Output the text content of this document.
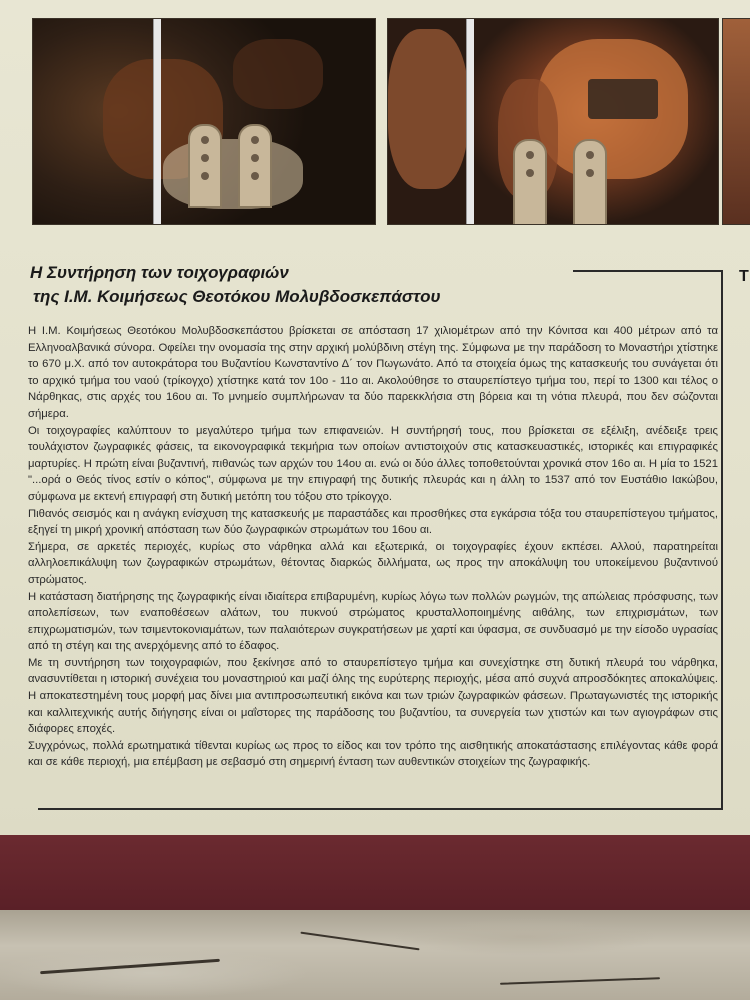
Η Συντήρηση των τοιχογραφιών
της Ι.Μ. Κοιμήσεως Θεοτόκου Μολυβδοσκεπάστου
Τ

Η Ι.Μ. Κοιμήσεως Θεοτόκου Μολυβδοσκεπάστου βρίσκεται σε απόσταση 17 χιλιομέτρων από την Κόνιτσα και 400 μέτρων από τα Ελληνοαλβανικά σύνορα. Οφείλει την ονομασία της στην αρχική μολύβδινη στέγη της. Σύμφωνα με την παράδοση το Μοναστήρι χτίστηκε το 670 μ.Χ. από τον αυτοκράτορα του Βυζαντίου Κωνσταντίνο Δ΄ τον Πωγωνάτο. Από τα στοιχεία όμως της κατασκευής του συνάγεται ότι το αρχικό τμήμα του ναού (τρίκογχο) χτίστηκε κατά τον 10ο - 11ο αι. Ακολούθησε το σταυρεπίστεγο τμήμα του, περί το 1300 και τέλος ο Νάρθηκας, στις αρχές του 16ου αι. Το μνημείο συμπλήρωναν τα δύο παρεκκλήσια στη βόρεια και τη νότια πλευρά, που δεν σώζονται σήμερα.

Οι τοιχογραφίες καλύπτουν το μεγαλύτερο τμήμα των επιφανειών. Η συντήρησή τους, που βρίσκεται σε εξέλιξη, ανέδειξε τρεις τουλάχιστον ζωγραφικές φάσεις, τα εικονογραφικά τεκμήρια των οποίων αντιστοιχούν στις κατασκευαστικές, ιστορικές και επιγραφικές μαρτυρίες. Η πρώτη είναι βυζαντινή, πιθανώς των αρχών του 14ου αι. ενώ οι δύο άλλες τοποθετούνται χρονικά στον 16ο αι. Η μία το 1521 "...ορά ο Θεός τίνος εστίν ο κόπος", σύμφωνα με την επιγραφή της δυτικής πλευράς και η άλλη το 1537 από τον Ευστάθιο Ιακώβου, σύμφωνα με εκτενή επιγραφή στη δυτική μετόπη του τόξου στο τρίκογχο.

Πιθανός σεισμός και η ανάγκη ενίσχυση της κατασκευής με παραστάδες και προσθήκες στα εγκάρσια τόξα του σταυρεπίστεγου τμήματος, εξηγεί τη μικρή χρονική απόσταση των δύο ζωγραφικών στρωμάτων του 16ου αι.

Σήμερα, σε αρκετές περιοχές, κυρίως στο νάρθηκα αλλά και εξωτερικά, οι τοιχογραφίες έχουν εκπέσει. Αλλού, παρατηρείται αλληλοεπικάλυψη των ζωγραφικών στρωμάτων, θέτοντας διαρκώς διλλήματα, ως προς την αποκάλυψη του υποκείμενου βυζαντινού στρώματος.

Η κατάσταση διατήρησης της ζωγραφικής είναι ιδιαίτερα επιβαρυμένη, κυρίως λόγω των πολλών ρωγμών, της απώλειας πρόσφυσης, των απολεπίσεων, των εναποθέσεων αλάτων, του πυκνού στρώματος κρυσταλλοποιημένης αιθάλης, των επιχρισμάτων, των επιχρωματισμών, των τσιμεντοκονιαμάτων, των παλαιότερων συγκρατήσεων με χαρτί και ύφασμα, σε συνδυασμό με την είσοδο υγρασίας από τη στέγη και της ανερχόμενης από το έδαφος.

Με τη συντήρηση των τοιχογραφιών, που ξεκίνησε από το σταυρεπίστεγο τμήμα και συνεχίστηκε στη δυτική πλευρά του νάρθηκα, ανασυντίθεται η ιστορική συνέχεια του μοναστηριού και μαζί όλης της ευρύτερης περιοχής, μέσα από συχνά απροσδόκητες αποκαλύψεις. Η αποκατεστημένη τους μορφή μας δίνει μια αντιπροσωπευτική εικόνα και των τριών ζωγραφικών φάσεων. Πρωταγωνιστές της ιστορικής και καλλιτεχνικής αυτής διήγησης είναι οι μαΐστορες της παράδοσης του βυζαντίου, τα συνεργεία των χτιστών και των αγιογράφων στις διάφορες εποχές.

Συγχρόνως, πολλά ερωτηματικά τίθενται κυρίως ως προς το είδος και τον τρόπο της αισθητικής αποκατάστασης επιλέγοντας κάθε φορά και σε κάθε περιοχή, μια επέμβαση με σεβασμό στη σημερινή ένταση των αυθεντικών στοιχείων της ζωγραφικής.
